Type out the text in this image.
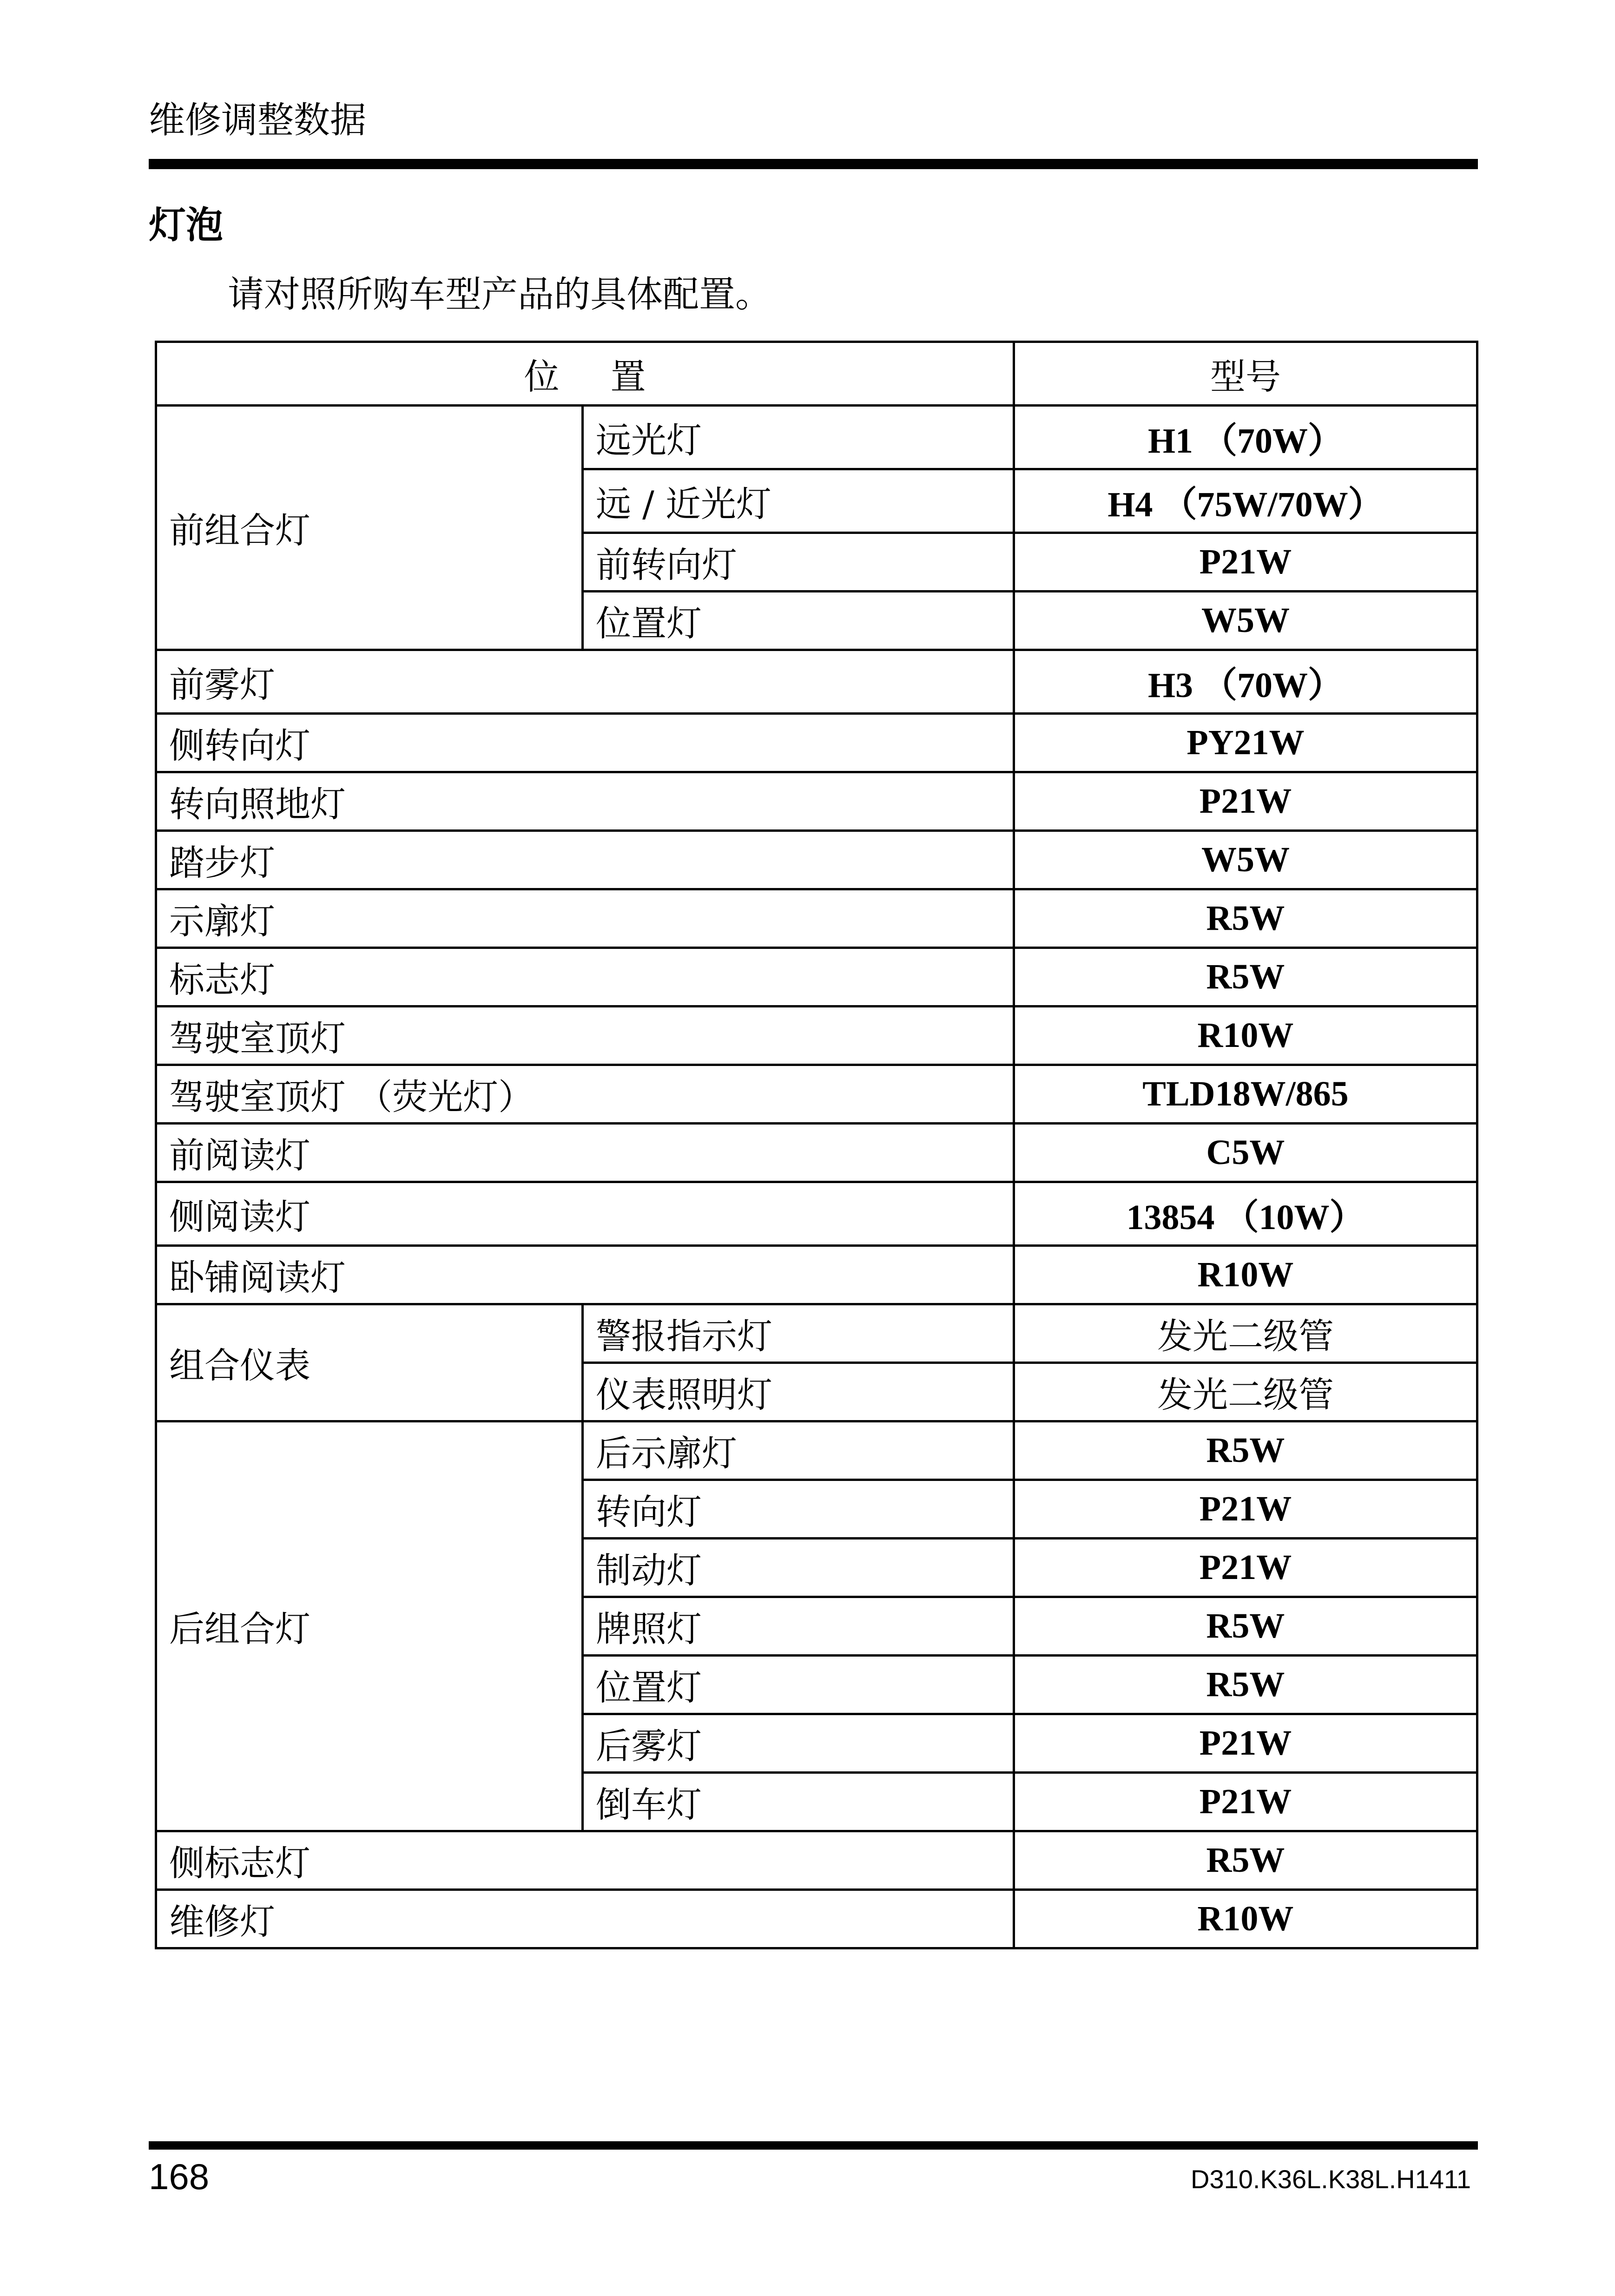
维修调整数据
灯泡
请对照所购车型产品的具体配置。
位 置		型号
前组合灯	远光灯	H1 （70W）
	远 / 近光灯	H4 （75W/70W）
	前转向灯	P21W
	位置灯	W5W
前雾灯		H3 （70W）
侧转向灯		PY21W
转向照地灯		P21W
踏步灯		W5W
示廓灯		R5W
标志灯		R5W
驾驶室顶灯		R10W
驾驶室顶灯 （荧光灯）		TLD18W/865
前阅读灯		C5W
侧阅读灯		13854 （10W）
卧铺阅读灯		R10W
组合仪表	警报指示灯	发光二级管
	仪表照明灯	发光二级管
后组合灯	后示廓灯	R5W
	转向灯	P21W
	制动灯	P21W
	牌照灯	R5W
	位置灯	R5W
	后雾灯	P21W
	倒车灯	P21W
侧标志灯		R5W
维修灯		R10W
168	D310.K36L.K38L.H1411
